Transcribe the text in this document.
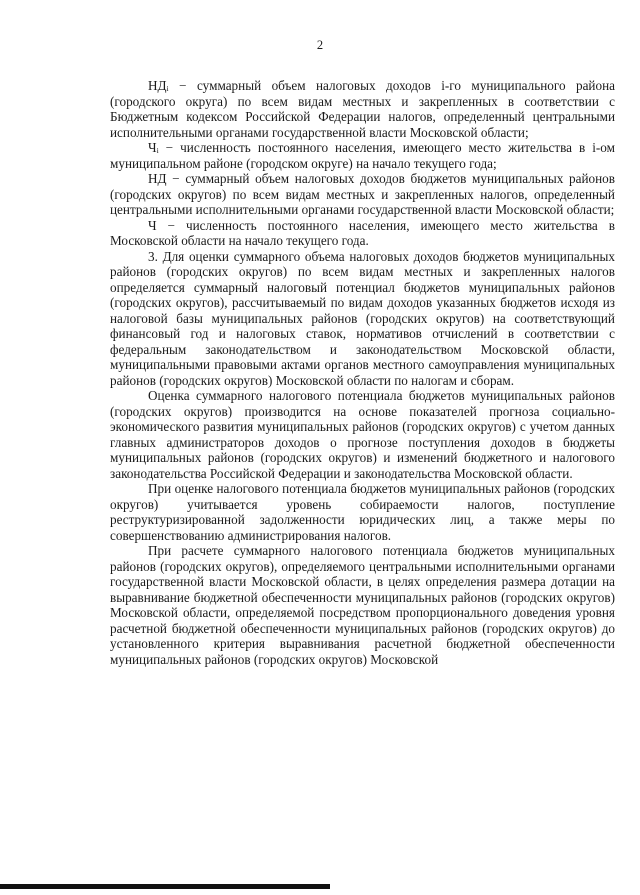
2

НДᵢ − суммарный объем налоговых доходов i-го муниципального района (городского округа) по всем видам местных и закрепленных в соответствии с Бюджетным кодексом Российской Федерации налогов, определенный центральными исполнительными органами государственной власти Московской области;

Чᵢ − численность постоянного населения, имеющего место жительства в i-ом муниципальном районе (городском округе) на начало текущего года;

НД − суммарный объем налоговых доходов бюджетов муниципальных районов (городских округов) по всем видам местных и закрепленных налогов, определенный центральными исполнительными органами государственной власти Московской области;

Ч − численность постоянного населения, имеющего место жительства в Московской области на начало текущего года.

3. Для оценки суммарного объема налоговых доходов бюджетов муниципальных районов (городских округов) по всем видам местных и закрепленных налогов определяется суммарный налоговый потенциал бюджетов муниципальных районов (городских округов), рассчитываемый по видам доходов указанных бюджетов исходя из налоговой базы муниципальных районов (городских округов) на соответствующий финансовый год и налоговых ставок, нормативов отчислений в соответствии с федеральным законодательством и законодательством Московской области, муниципальными правовыми актами органов местного самоуправления муниципальных районов (городских округов) Московской области по налогам и сборам.

Оценка суммарного налогового потенциала бюджетов муниципальных районов (городских округов) производится на основе показателей прогноза социально-экономического развития муниципальных районов (городских округов) с учетом данных главных администраторов доходов о прогнозе поступления доходов в бюджеты муниципальных районов (городских округов) и изменений бюджетного и налогового законодательства Российской Федерации и законодательства Московской области.

При оценке налогового потенциала бюджетов муниципальных районов (городских округов) учитывается уровень собираемости налогов, поступление реструктуризированной задолженности юридических лиц, а также меры по совершенствованию администрирования налогов.

При расчете суммарного налогового потенциала бюджетов муниципальных районов (городских округов), определяемого центральными исполнительными органами государственной власти Московской области, в целях определения размера дотации на выравнивание бюджетной обеспеченности муниципальных районов (городских округов) Московской области, определяемой посредством пропорционального доведения уровня расчетной бюджетной обеспеченности муниципальных районов (городских округов) до установленного критерия выравнивания расчетной бюджетной обеспеченности муниципальных районов (городских округов) Московской
